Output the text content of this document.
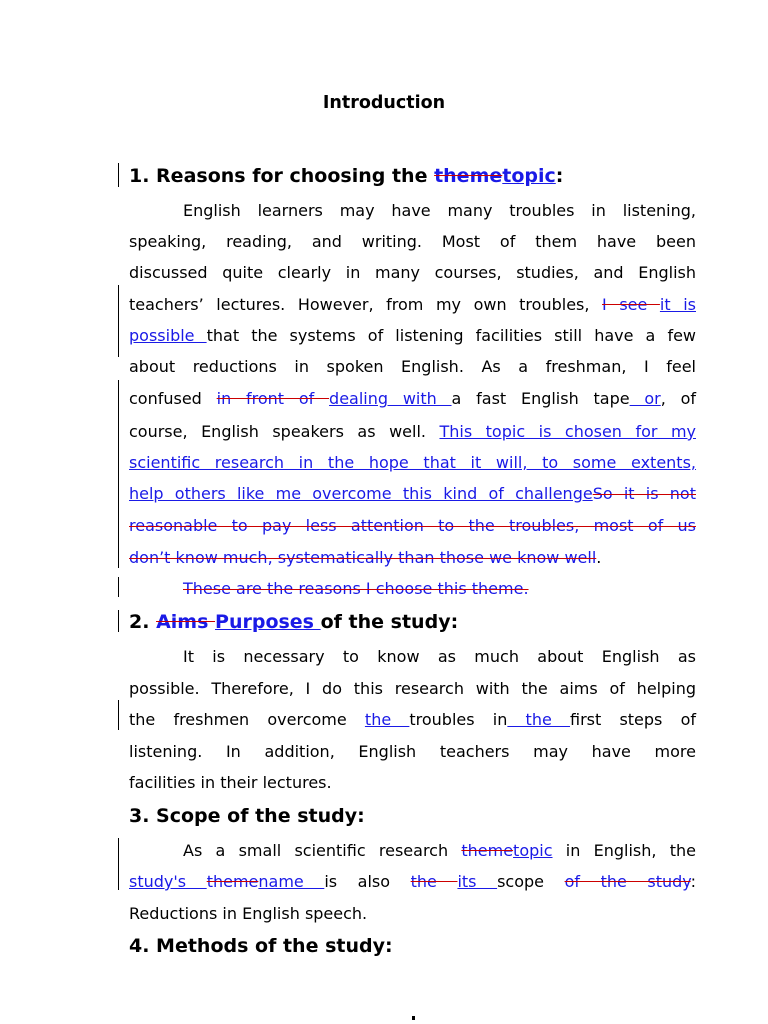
Introduction
1. Reasons for choosing the themetopic:
English learners may have many troubles in listening,
speaking, reading, and writing. Most of them have been
discussed quite clearly in many courses, studies, and English
teachers’ lectures. However, from my own troubles, I see it is
possible that the systems of listening facilities still have a few
about reductions in spoken English. As a freshman, I feel
confused in front of dealing with a fast English tape or, of
course, English speakers as well. This topic is chosen for my
scientific research in the hope that it will, to some extents,
help others like me overcome this kind of challengeSo it is not
reasonable to pay less attention to the troubles, most of us
don’t know much, systematically than those we know well.
These are the reasons I choose this theme.
2. Aims Purposes of the study:
It is necessary to know as much about English as
possible. Therefore, I do this research with the aims of helping
the freshmen overcome the troubles in the first steps of
listening. In addition, English teachers may have more
facilities in their lectures.
3. Scope of the study:
As a small scientific research themetopic in English, the
study's themename is also the its scope of the study:
Reductions in English speech.
4. Methods of the study:
